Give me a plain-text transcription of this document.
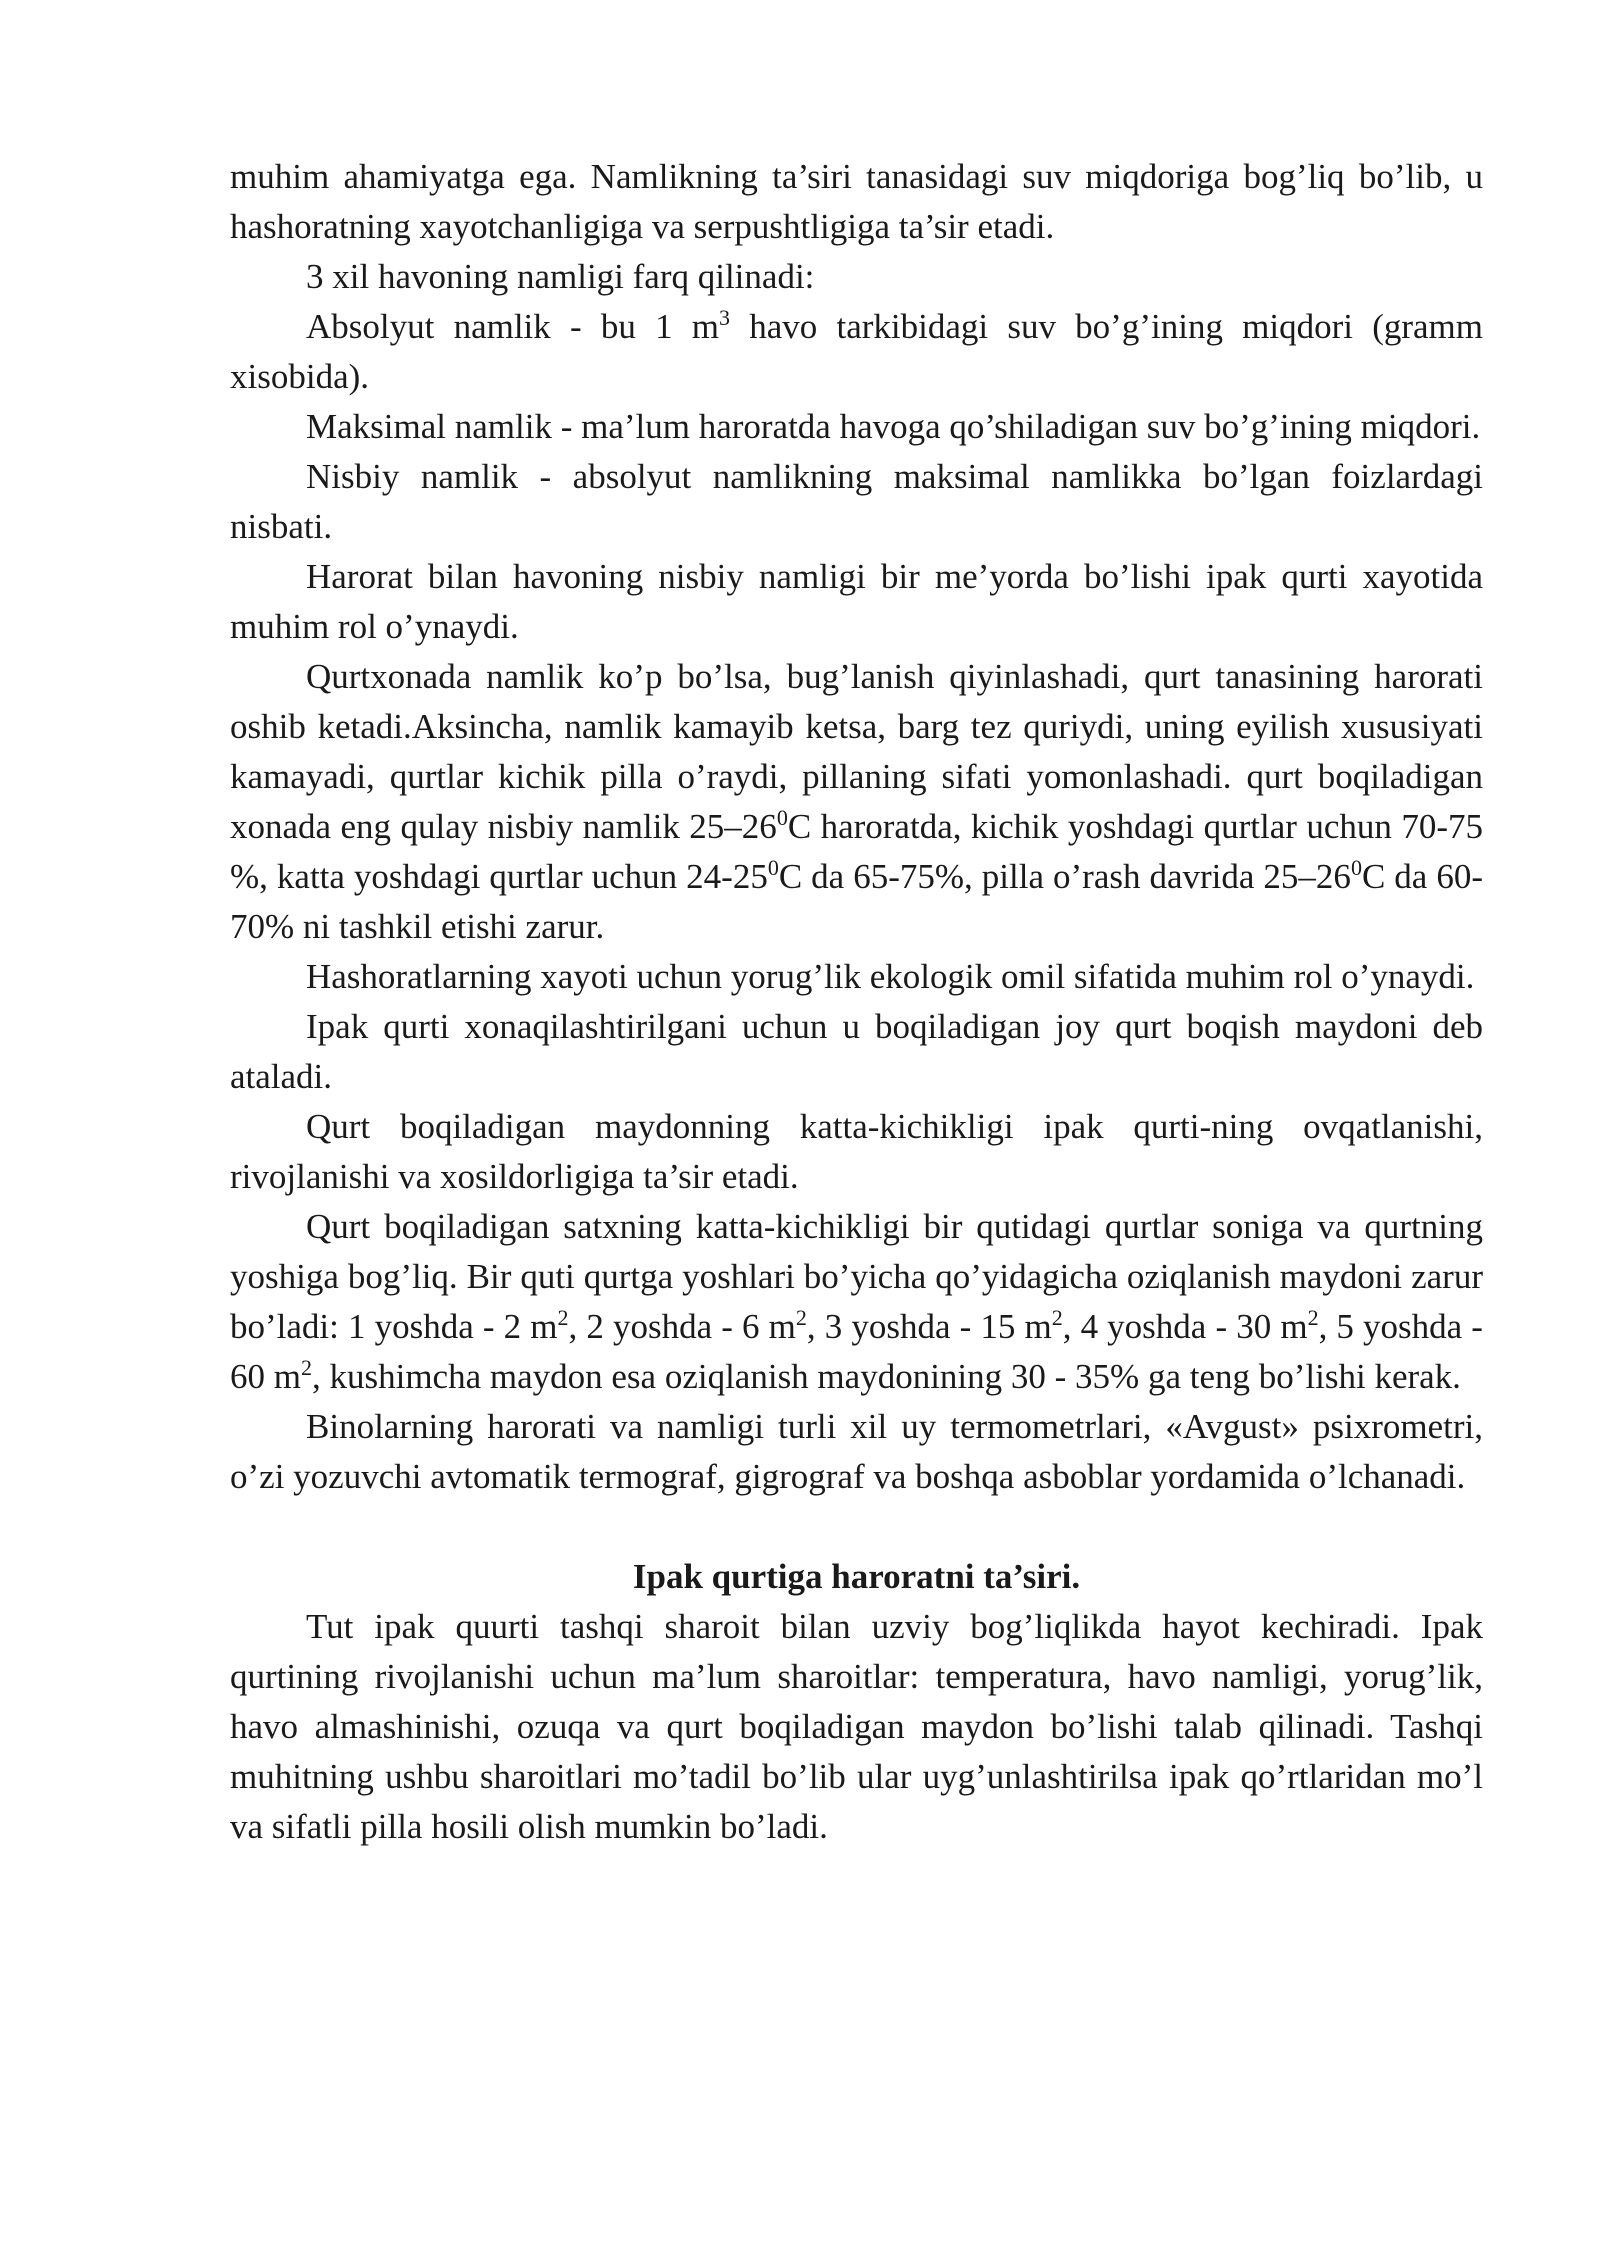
muhim ahamiyatga ega. Namlikning ta’siri tanasidagi suv miqdoriga bog’liq bo’lib, u hashoratning xayotchanligiga va serpushtligiga ta’sir etadi.

3 xil havoning namligi farq qilinadi:

Absolyut namlik - bu 1 $m^3$ havo tarkibidagi suv bo’g’ining miqdori (gramm xisobida).

Maksimal namlik - ma’lum haroratda havoga qo’shiladigan suv bo’g’ining miqdori.

Nisbiy namlik - absolyut namlikning maksimal namlikka bo’lgan foizlardagi nisbati.

Harorat bilan havoning nisbiy namligi bir me’yorda bo’lishi ipak qurti xayotida muhim rol o’ynaydi.

Qurtxonada namlik ko’p bo’lsa, bug’lanish qiyinlashadi, qurt tanasining harorati oshib ketadi.Aksincha, namlik kamayib ketsa, barg tez quriydi, uning eyilish xususiyati kamayadi, qurtlar kichik pilla o’raydi, pillaning sifati yomonlashadi. qurt boqiladigan xonada eng qulay nisbiy namlik $25-26^0C$ haroratda, kichik yoshdagi qurtlar uchun 70-75 %, katta yoshdagi qurtlar uchun $24-25^0C$ da 65-75%, pilla o’rash davrida $25-26^0C$ da 60-70% ni tashkil etishi zarur.

Hashoratlarning xayoti uchun yorug’lik ekologik omil sifatida muhim rol o’ynaydi.

Ipak qurti xonaqilashtirilgani uchun u boqiladigan joy qurt boqish maydoni deb ataladi.

Qurt boqiladigan maydonning katta-kichikligi ipak qurti-ning ovqatlanishi, rivojlanishi va xosildorligiga ta’sir etadi.

Qurt boqiladigan satxning katta-kichikligi bir qutidagi qurtlar soniga va qurtning yoshiga bog’liq. Bir quti qurtga yoshlari bo’yicha qo’yidagicha oziqlanish maydoni zarur bo’ladi: 1 yoshda - 2 $m^2$, 2 yoshda - 6 $m^2$, 3 yoshda - 15 $m^2$, 4 yoshda - 30 $m^2$, 5 yoshda - 60 $m^2$, kushimcha maydon esa oziqlanish maydonining 30 - 35% ga teng bo’lishi kerak.

Binolarning harorati va namligi turli xil uy termometrlari, «Avgust» psixrometri, o’zi yozuvchi avtomatik termograf, gigrograf va boshqa asboblar yordamida o’lchanadi.

Ipak qurtiga haroratni ta’siri.

Tut ipak quurti tashqi sharoit bilan uzviy bog’liqlikda hayot kechiradi. Ipak qurtining rivojlanishi uchun ma’lum sharoitlar: temperatura, havo namligi, yorug’lik, havo almashinishi, ozuqa va qurt boqiladigan maydon bo’lishi talab qilinadi. Tashqi muhitning ushbu sharoitlari mo’tadil bo’lib ular uyg’unlashtirilsa ipak qo’rtlaridan mo’l va sifatli pilla hosili olish mumkin bo’ladi.
